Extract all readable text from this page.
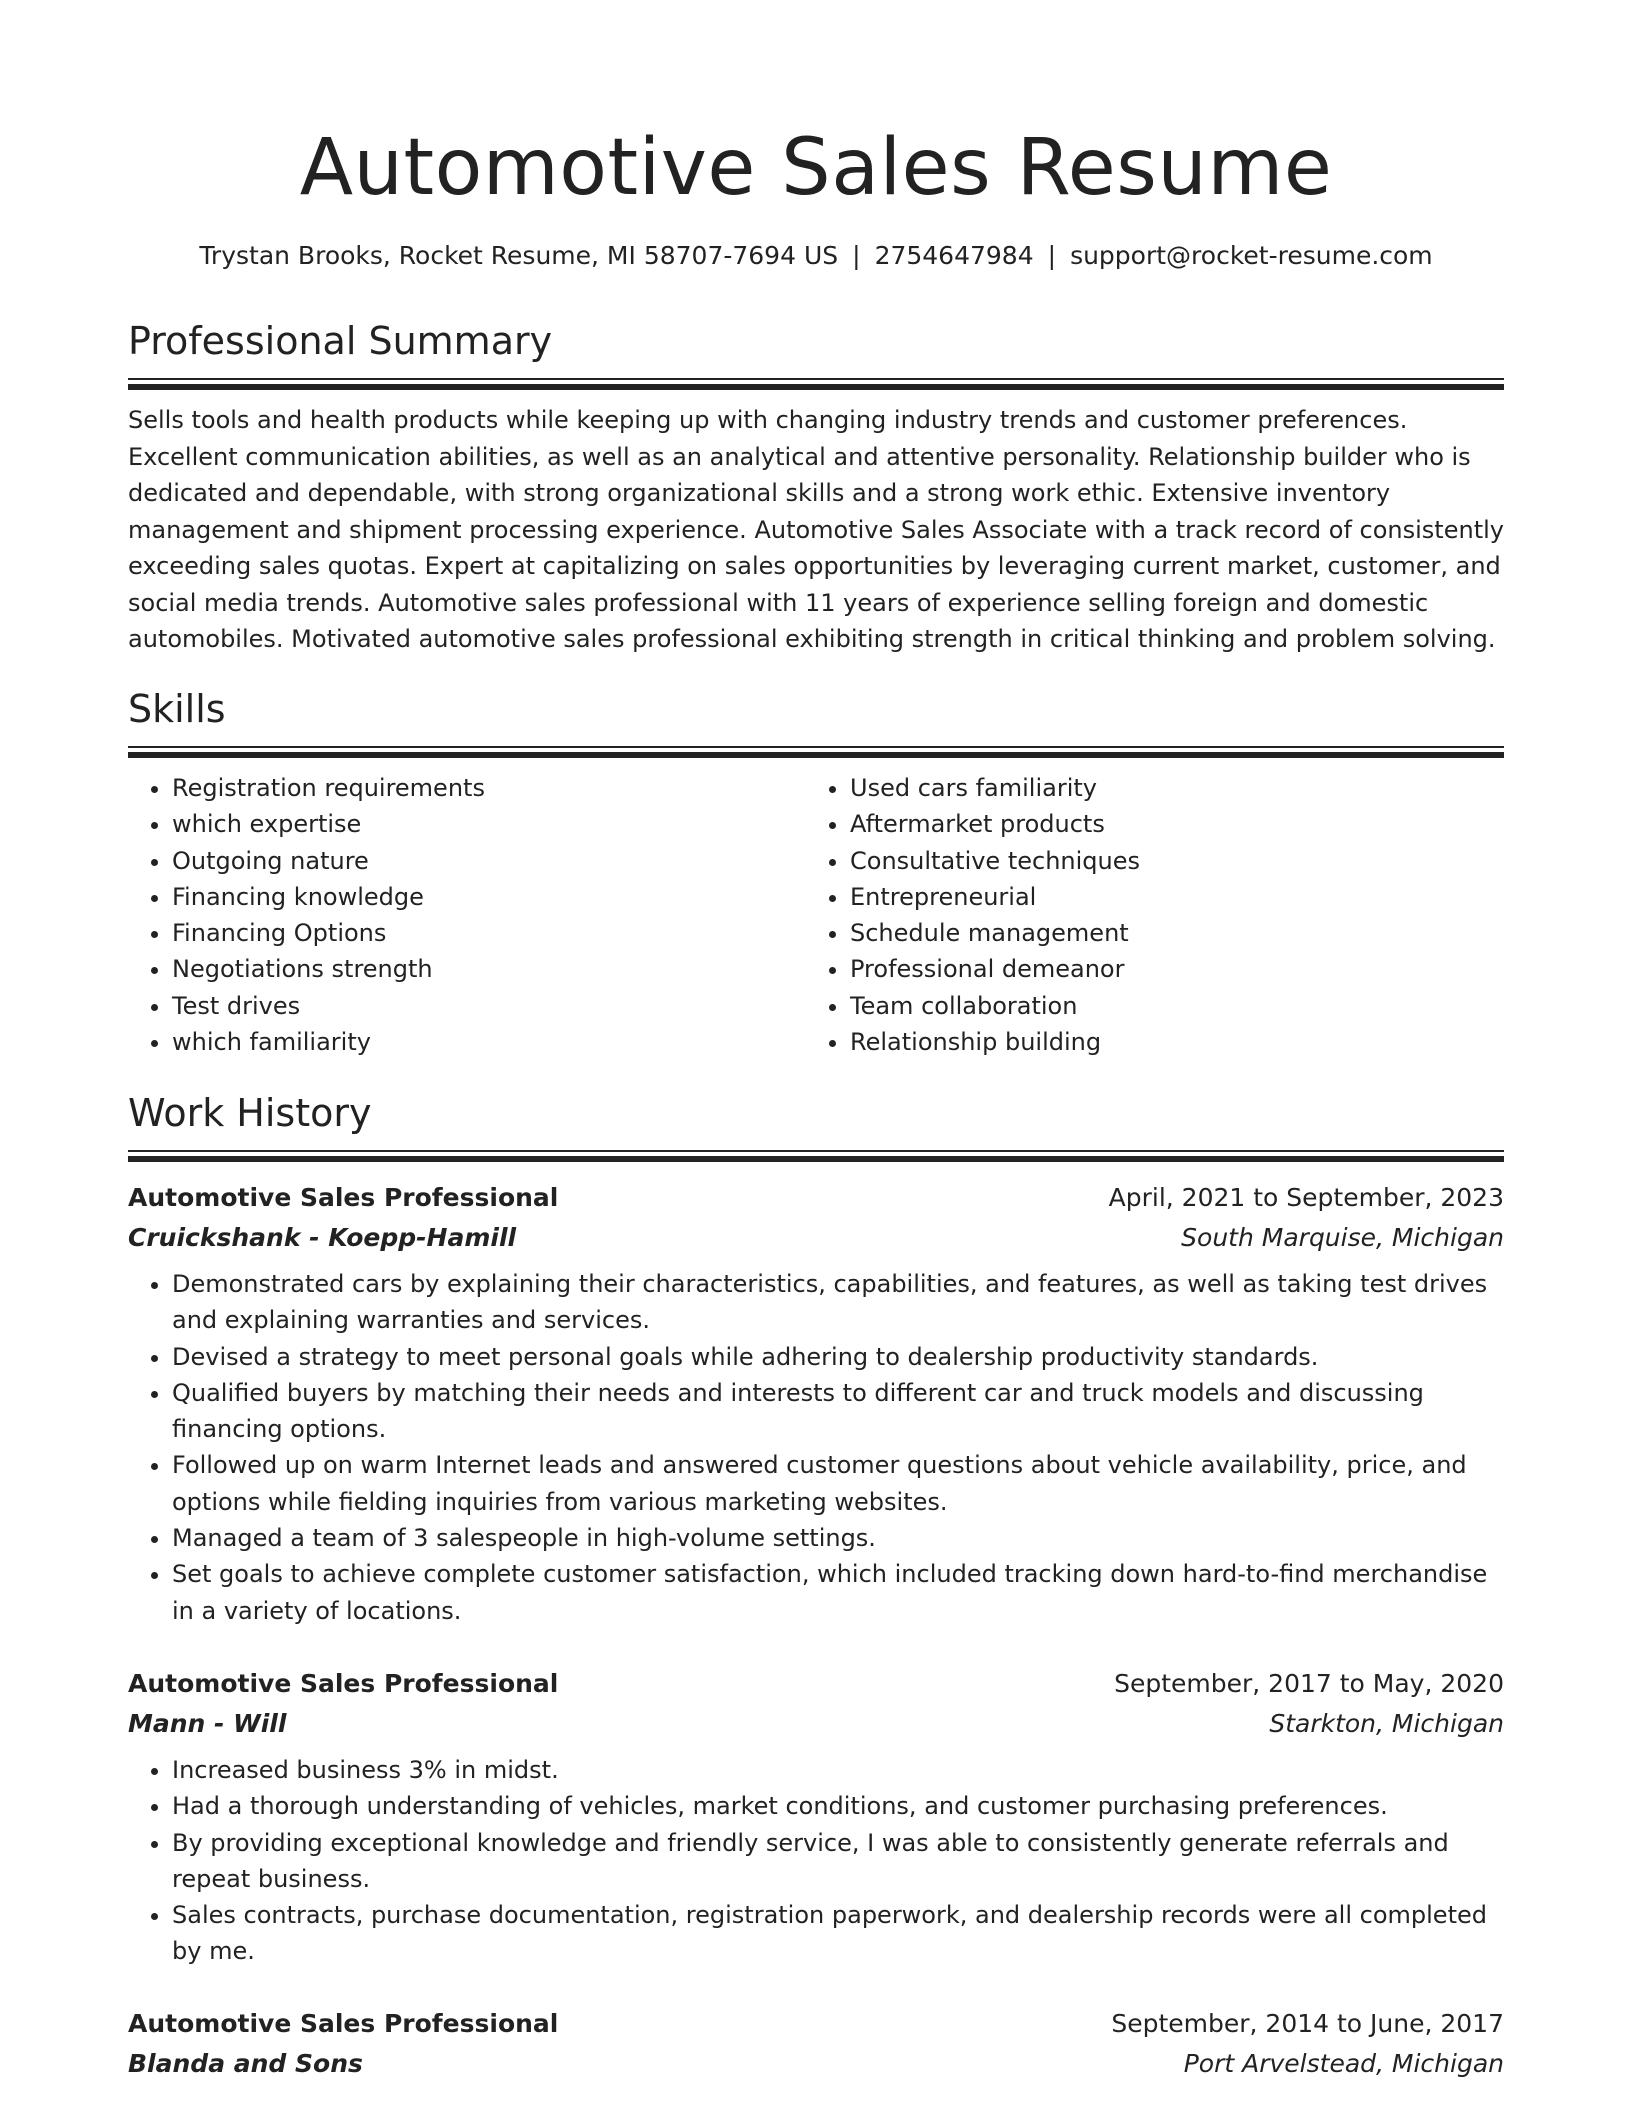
Automotive Sales Resume
Trystan Brooks, Rocket Resume, MI 58707-7694 US | 2754647984 | support@rocket-resume.com
Professional Summary

Sells tools and health products while keeping up with changing industry trends and customer preferences. Excellent communication abilities, as well as an analytical and attentive personality. Relationship builder who is dedicated and dependable, with strong organizational skills and a strong work ethic. Extensive inventory management and shipment processing experience. Automotive Sales Associate with a track record of consistently exceeding sales quotas. Expert at capitalizing on sales opportunities by leveraging current market, customer, and social media trends. Automotive sales professional with 11 years of experience selling foreign and domestic automobiles. Motivated automotive sales professional exhibiting strength in critical thinking and problem solving.

Skills
• Registration requirements
• which expertise
• Outgoing nature
• Financing knowledge
• Financing Options
• Negotiations strength
• Test drives
• which familiarity
• Used cars familiarity
• Aftermarket products
• Consultative techniques
• Entrepreneurial
• Schedule management
• Professional demeanor
• Team collaboration
• Relationship building
Work History
Automotive Sales Professional	April, 2021 to September, 2023
Cruickshank - Koepp-Hamill	South Marquise, Michigan
• Demonstrated cars by explaining their characteristics, capabilities, and features, as well as taking test drives and explaining warranties and services.
• Devised a strategy to meet personal goals while adhering to dealership productivity standards.
• Qualified buyers by matching their needs and interests to different car and truck models and discussing financing options.
• Followed up on warm Internet leads and answered customer questions about vehicle availability, price, and options while fielding inquiries from various marketing websites.
• Managed a team of 3 salespeople in high-volume settings.
• Set goals to achieve complete customer satisfaction, which included tracking down hard-to-find merchandise in a variety of locations.
Automotive Sales Professional	September, 2017 to May, 2020
Mann - Will	Starkton, Michigan
• Increased business 3% in midst.
• Had a thorough understanding of vehicles, market conditions, and customer purchasing preferences.
• By providing exceptional knowledge and friendly service, I was able to consistently generate referrals and repeat business.
• Sales contracts, purchase documentation, registration paperwork, and dealership records were all completed by me.
Automotive Sales Professional	September, 2014 to June, 2017
Blanda and Sons	Port Arvelstead, Michigan
